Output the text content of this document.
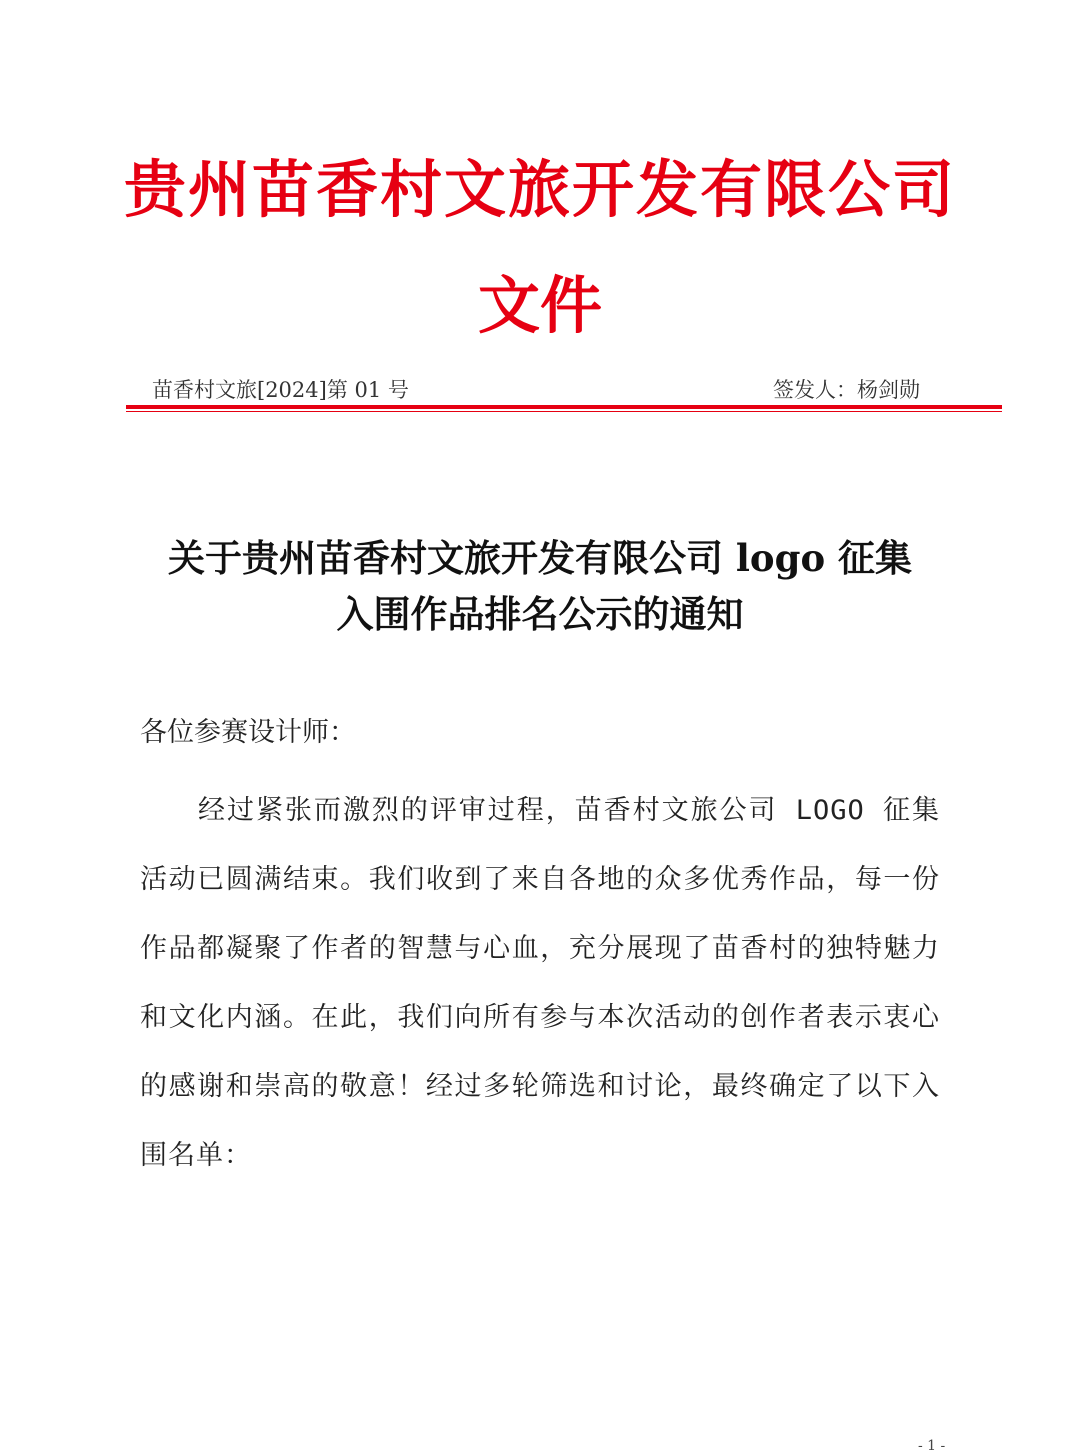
贵州苗香村文旅开发有限公司
文件
苗香村文旅[2024]第 01 号	签发人：杨剑勋
关于贵州苗香村文旅开发有限公司 logo 征集
入围作品排名公示的通知
各位参赛设计师：

经过紧张而激烈的评审过程，苗香村文旅公司 LOGO 征集活动已圆满结束。我们收到了来自各地的众多优秀作品，每一份作品都凝聚了作者的智慧与心血，充分展现了苗香村的独特魅力和文化内涵。在此，我们向所有参与本次活动的创作者表示衷心的感谢和崇高的敬意！经过多轮筛选和讨论，最终确定了以下入围名单：

- 1 -
